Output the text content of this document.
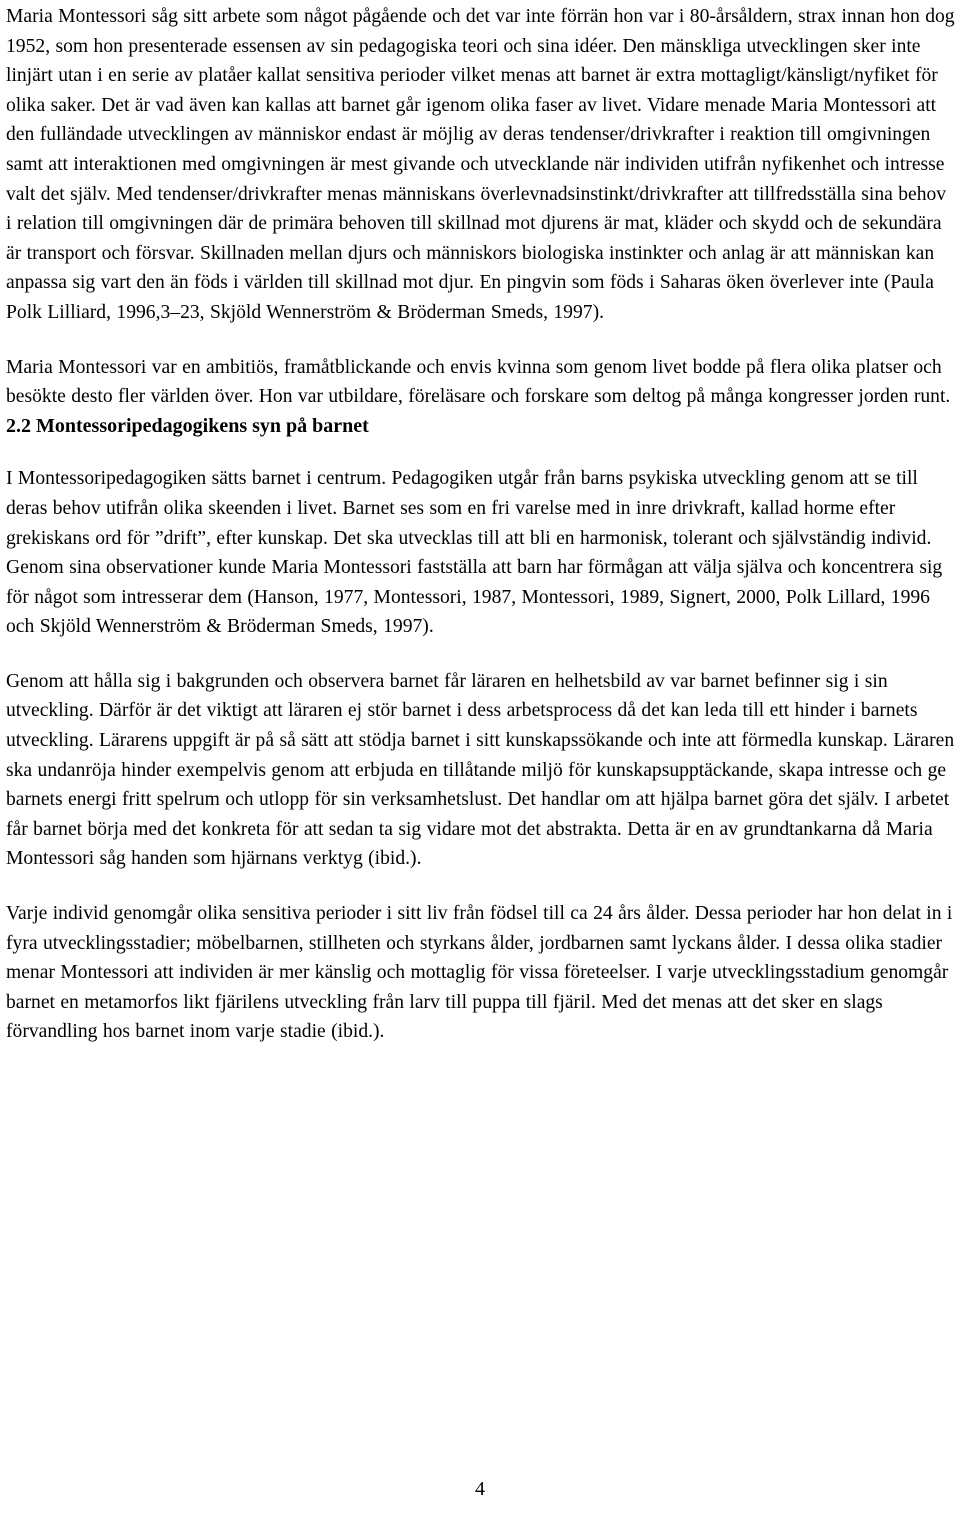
Maria Montessori såg sitt arbete som något pågående och det var inte förrän hon var i 80-årsåldern, strax innan hon dog 1952, som hon presenterade essensen av sin pedagogiska teori och sina idéer. Den mänskliga utvecklingen sker inte linjärt utan i en serie av platåer kallat sensitiva perioder vilket menas att barnet är extra mottagligt/känsligt/nyfiket för olika saker. Det är vad även kan kallas att barnet går igenom olika faser av livet. Vidare menade Maria Montessori att den fulländade utvecklingen av människor endast är möjlig av deras tendenser/drivkrafter i reaktion till omgivningen samt att interaktionen med omgivningen är mest givande och utvecklande när individen utifrån nyfikenhet och intresse valt det själv. Med tendenser/drivkrafter menas människans överlevnadsinstinkt/drivkrafter att tillfredsställa sina behov i relation till omgivningen där de primära behoven till skillnad mot djurens är mat, kläder och skydd och de sekundära är transport och försvar. Skillnaden mellan djurs och människors biologiska instinkter och anlag är att människan kan anpassa sig vart den än föds i världen till skillnad mot djur. En pingvin som föds i Saharas öken överlever inte (Paula Polk Lilliard, 1996,3–23, Skjöld Wennerström & Bröderman Smeds, 1997).

Maria Montessori var en ambitiös, framåtblickande och envis kvinna som genom livet bodde på flera olika platser och besökte desto fler världen över. Hon var utbildare, föreläsare och forskare som deltog på många kongresser jorden runt.

2.2 Montessoripedagogikens syn på barnet

I Montessoripedagogiken sätts barnet i centrum. Pedagogiken utgår från barns psykiska utveckling genom att se till deras behov utifrån olika skeenden i livet. Barnet ses som en fri varelse med in inre drivkraft, kallad horme efter grekiskans ord för ”drift”, efter kunskap. Det ska utvecklas till att bli en harmonisk, tolerant och självständig individ. Genom sina observationer kunde Maria Montessori fastställa att barn har förmågan att välja själva och koncentrera sig för något som intresserar dem (Hanson, 1977, Montessori, 1987, Montessori, 1989, Signert, 2000, Polk Lillard, 1996 och Skjöld Wennerström & Bröderman Smeds, 1997).

Genom att hålla sig i bakgrunden och observera barnet får läraren en helhetsbild av var barnet befinner sig i sin utveckling. Därför är det viktigt att läraren ej stör barnet i dess arbetsprocess då det kan leda till ett hinder i barnets utveckling. Lärarens uppgift är på så sätt att stödja barnet i sitt kunskapssökande och inte att förmedla kunskap. Läraren ska undanröja hinder exempelvis genom att erbjuda en tillåtande miljö för kunskapsupptäckande, skapa intresse och ge barnets energi fritt spelrum och utlopp för sin verksamhetslust. Det handlar om att hjälpa barnet göra det själv. I arbetet får barnet börja med det konkreta för att sedan ta sig vidare mot det abstrakta. Detta är en av grundtankarna då Maria Montessori såg handen som hjärnans verktyg (ibid.).

Varje individ genomgår olika sensitiva perioder i sitt liv från födsel till ca 24 års ålder. Dessa perioder har hon delat in i fyra utvecklingsstadier; möbelbarnen, stillheten och styrkans ålder, jordbarnen samt lyckans ålder. I dessa olika stadier menar Montessori att individen är mer känslig och mottaglig för vissa företeelser. I varje utvecklingsstadium genomgår barnet en metamorfos likt fjärilens utveckling från larv till puppa till fjäril. Med det menas att det sker en slags förvandling hos barnet inom varje stadie (ibid.).

4
